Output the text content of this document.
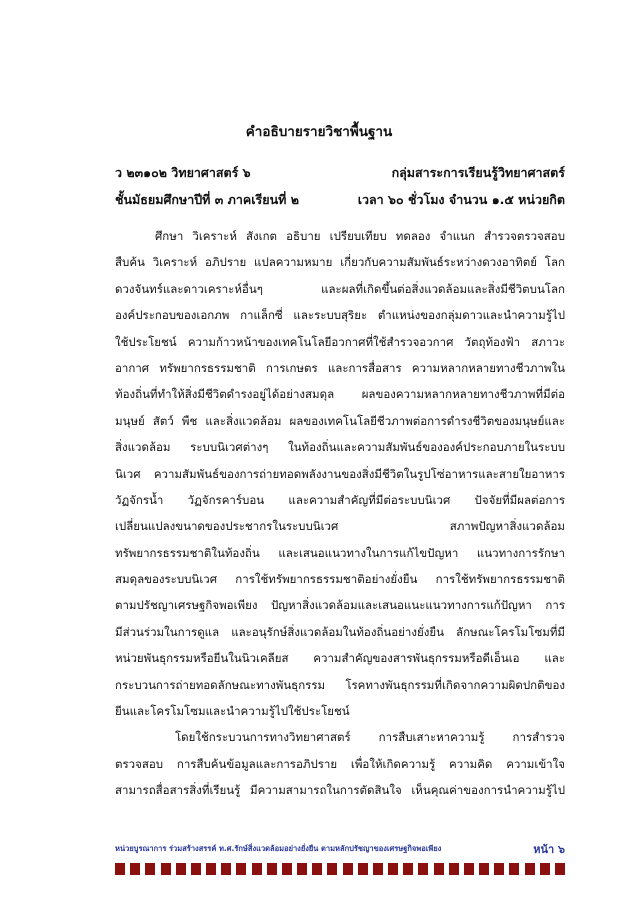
คำอธิบายรายวิชาพื้นฐาน
ว ๒๓๑๐๒ วิทยาศาสตร์ ๖	กลุ่มสาระการเรียนรู้วิทยาศาสตร์
ชั้นมัธยมศึกษาปีที่ ๓ ภาคเรียนที่ ๒	เวลา ๖๐ ชั่วโมง จำนวน ๑.๕ หน่วยกิต
ศึกษา วิเคราะห์ สังเกต อธิบาย เปรียบเทียบ ทดลอง จำแนก สำรวจตรวจสอบ
สืบค้น วิเคราะห์ อภิปราย แปลความหมาย เกี่ยวกับความสัมพันธ์ระหว่างดวงอาทิตย์ โลก
ดวงจันทร์และดาวเคราะห์อื่นๆ และผลที่เกิดขึ้นต่อสิ่งแวดล้อมและสิ่งมีชีวิตบนโลก
องค์ประกอบของเอกภพ กาแล็กซี่ และระบบสุริยะ ตำแหน่งของกลุ่มดาวและนำความรู้ไป
ใช้ประโยชน์ ความก้าวหน้าของเทคโนโลยีอวกาศที่ใช้สำรวจอวกาศ วัตถุท้องฟ้า สภาวะ
อากาศ ทรัพยากรธรรมชาติ การเกษตร และการสื่อสาร ความหลากหลายทางชีวภาพใน
ท้องถิ่นที่ทำให้สิ่งมีชีวิตดำรงอยู่ได้อย่างสมดุล ผลของความหลากหลายทางชีวภาพที่มีต่อ
มนุษย์ สัตว์ พืช และสิ่งแวดล้อม ผลของเทคโนโลยีชีวภาพต่อการดำรงชีวิตของมนุษย์และ
สิ่งแวดล้อม ระบบนิเวศต่างๆ ในท้องถิ่นและความสัมพันธ์ขององค์ประกอบภายในระบบ
นิเวศ ความสัมพันธ์ของการถ่ายทอดพลังงานของสิ่งมีชีวิตในรูปโซ่อาหารและสายใยอาหาร
วัฏจักรน้ำ วัฏจักรคาร์บอน และความสำคัญที่มีต่อระบบนิเวศ ปัจจัยที่มีผลต่อการ
เปลี่ยนแปลงขนาดของประชากรในระบบนิเวศ สภาพปัญหาสิ่งแวดล้อม
ทรัพยากรธรรมชาติในท้องถิ่น และเสนอแนวทางในการแก้ไขปัญหา แนวทางการรักษา
สมดุลของระบบนิเวศ การใช้ทรัพยากรธรรมชาติอย่างยั่งยืน การใช้ทรัพยากรธรรมชาติ
ตามปรัชญาเศรษฐกิจพอเพียง ปัญหาสิ่งแวดล้อมและเสนอแนะแนวทางการแก้ปัญหา การ
มีส่วนร่วมในการดูแล และอนุรักษ์สิ่งแวดล้อมในท้องถิ่นอย่างยั่งยืน ลักษณะโครโมโซมที่มี
หน่วยพันธุกรรมหรือยีนในนิวเคลียส ความสำคัญของสารพันธุกรรมหรือดีเอ็นเอ และ
กระบวนการถ่ายทอดลักษณะทางพันธุกรรม โรคทางพันธุกรรมที่เกิดจากความผิดปกติของ
ยีนและโครโมโซมและนำความรู้ไปใช้ประโยชน์
โดยใช้กระบวนการทางวิทยาศาสตร์ การสืบเสาะหาความรู้ การสำรวจ
ตรวจสอบ การสืบค้นข้อมูลและการอภิปราย เพื่อให้เกิดความรู้ ความคิด ความเข้าใจ
สามารถสื่อสารสิ่งที่เรียนรู้ มีความสามารถในการตัดสินใจ เห็นคุณค่าของการนำความรู้ไป
หน่วยบูรณาการ ร่วมสร้างสรรค์ ท.ศ.รักษ์สิ่งแวดล้อมอย่างยั่งยืน ตามหลักปรัชญาของเศรษฐกิจพอเพียง	หน้า ๖
